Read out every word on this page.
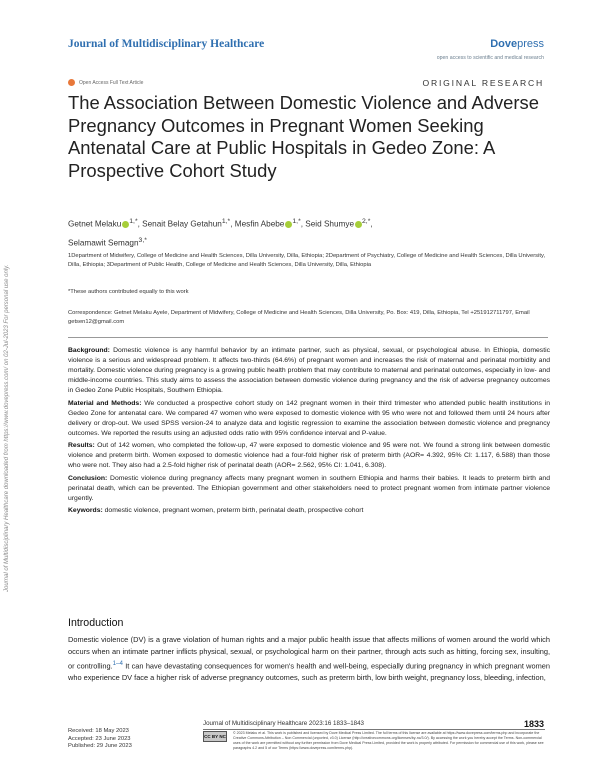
Journal of Multidisciplinary Healthcare	Dovepress
open access to scientific and medical research
Open Access Full Text Article	ORIGINAL RESEARCH
Journal of Multidisciplinary Healthcare downloaded from https://www.dovepress.com/ on 02-Jul-2023 For personal use only.
The Association Between Domestic Violence and Adverse Pregnancy Outcomes in Pregnant Women Seeking Antenatal Care at Public Hospitals in Gedeo Zone: A Prospective Cohort Study
Getnet Melaku $^{1,*}$, Senait Belay Getahun$^{1,*}$, Mesfin Abebe $^{1,*}$, Seid Shumye $^{2,*}$,
Selamawit Semagn$^{3,*}$
1Department of Midwifery, College of Medicine and Health Sciences, Dilla University, Dilla, Ethiopia; 2Department of Psychiatry, College of Medicine and Health Sciences, Dilla University, Dilla, Ethiopia; 3Department of Public Health, College of Medicine and Health Sciences, Dilla University, Dilla, Ethiopia
*These authors contributed equally to this work
Correspondence: Getnet Melaku Ayele, Department of Midwifery, College of Medicine and Health Sciences, Dilla University, Po. Box: 419, Dilla, Ethiopia, Tel +251912711797, Email getsen12@gmail.com

Background: Domestic violence is any harmful behavior by an intimate partner, such as physical, sexual, or psychological abuse. In Ethiopia, domestic violence is a serious and widespread problem. It affects two-thirds (64.6%) of pregnant women and increases the risk of maternal and perinatal morbidity and mortality. Domestic violence during pregnancy is a growing public health problem that may contribute to maternal and perinatal outcomes, especially in low- and middle-income countries. This study aims to assess the association between domestic violence during pregnancy and the risk of adverse pregnancy outcomes in Gedeo Zone Public Hospitals, Southern Ethiopia.

Material and Methods: We conducted a prospective cohort study on 142 pregnant women in their third trimester who attended public health institutions in Gedeo Zone for antenatal care. We compared 47 women who were exposed to domestic violence with 95 who were not and followed them until 24 hours after delivery or drop-out. We used SPSS version-24 to analyze data and logistic regression to examine the association between domestic violence and pregnancy outcomes. We reported the results using an adjusted odds ratio with 95% confidence interval and P-value.

Results: Out of 142 women, who completed the follow-up, 47 were exposed to domestic violence and 95 were not. We found a strong link between domestic violence and preterm birth. Women exposed to domestic violence had a four-fold higher risk of preterm birth (AOR= 4.392, 95% CI: 1.117, 6.588) than those who were not. They also had a 2.5-fold higher risk of perinatal death (AOR= 2.562, 95% CI: 1.041, 6.308).

Conclusion: Domestic violence during pregnancy affects many pregnant women in southern Ethiopia and harms their babies. It leads to preterm birth and perinatal death, which can be prevented. The Ethiopian government and other stakeholders need to protect pregnant women from intimate partner violence urgently.

Keywords: domestic violence, pregnant women, preterm birth, perinatal death, prospective cohort

Introduction
Domestic violence (DV) is a grave violation of human rights and a major public health issue that affects millions of women around the world which occurs when an intimate partner inflicts physical, sexual, or psychological harm on their partner, through acts such as hitting, forcing sex, insulting, or controlling.$^{1-4}$ It can have devastating consequences for women's health and well-being, especially during pregnancy in which pregnant women who experience DV face a higher risk of adverse pregnancy outcomes, such as preterm birth, low birth weight, pregnancy loss, bleeding, infection,
Received: 18 May 2023
Accepted: 23 June 2023
Published: 29 June 2023
Journal of Multidisciplinary Healthcare 2023:16 1833–1843	1833
CC BY NC
© 2023 Melaku et al. This work is published and licensed by Dove Medical Press Limited. The full terms of this license are available at https://www.dovepress.com/terms.php and incorporate the Creative Commons Attribution – Non Commercial (unported, v3.0) License (http://creativecommons.org/licenses/by-nc/3.0/). By accessing the work you hereby accept the Terms. Non-commercial uses of the work are permitted without any further permission from Dove Medical Press Limited, provided the work is properly attributed. For permission for commercial use of this work, please see paragraphs 4.2 and 5 of our Terms (https://www.dovepress.com/terms.php).
